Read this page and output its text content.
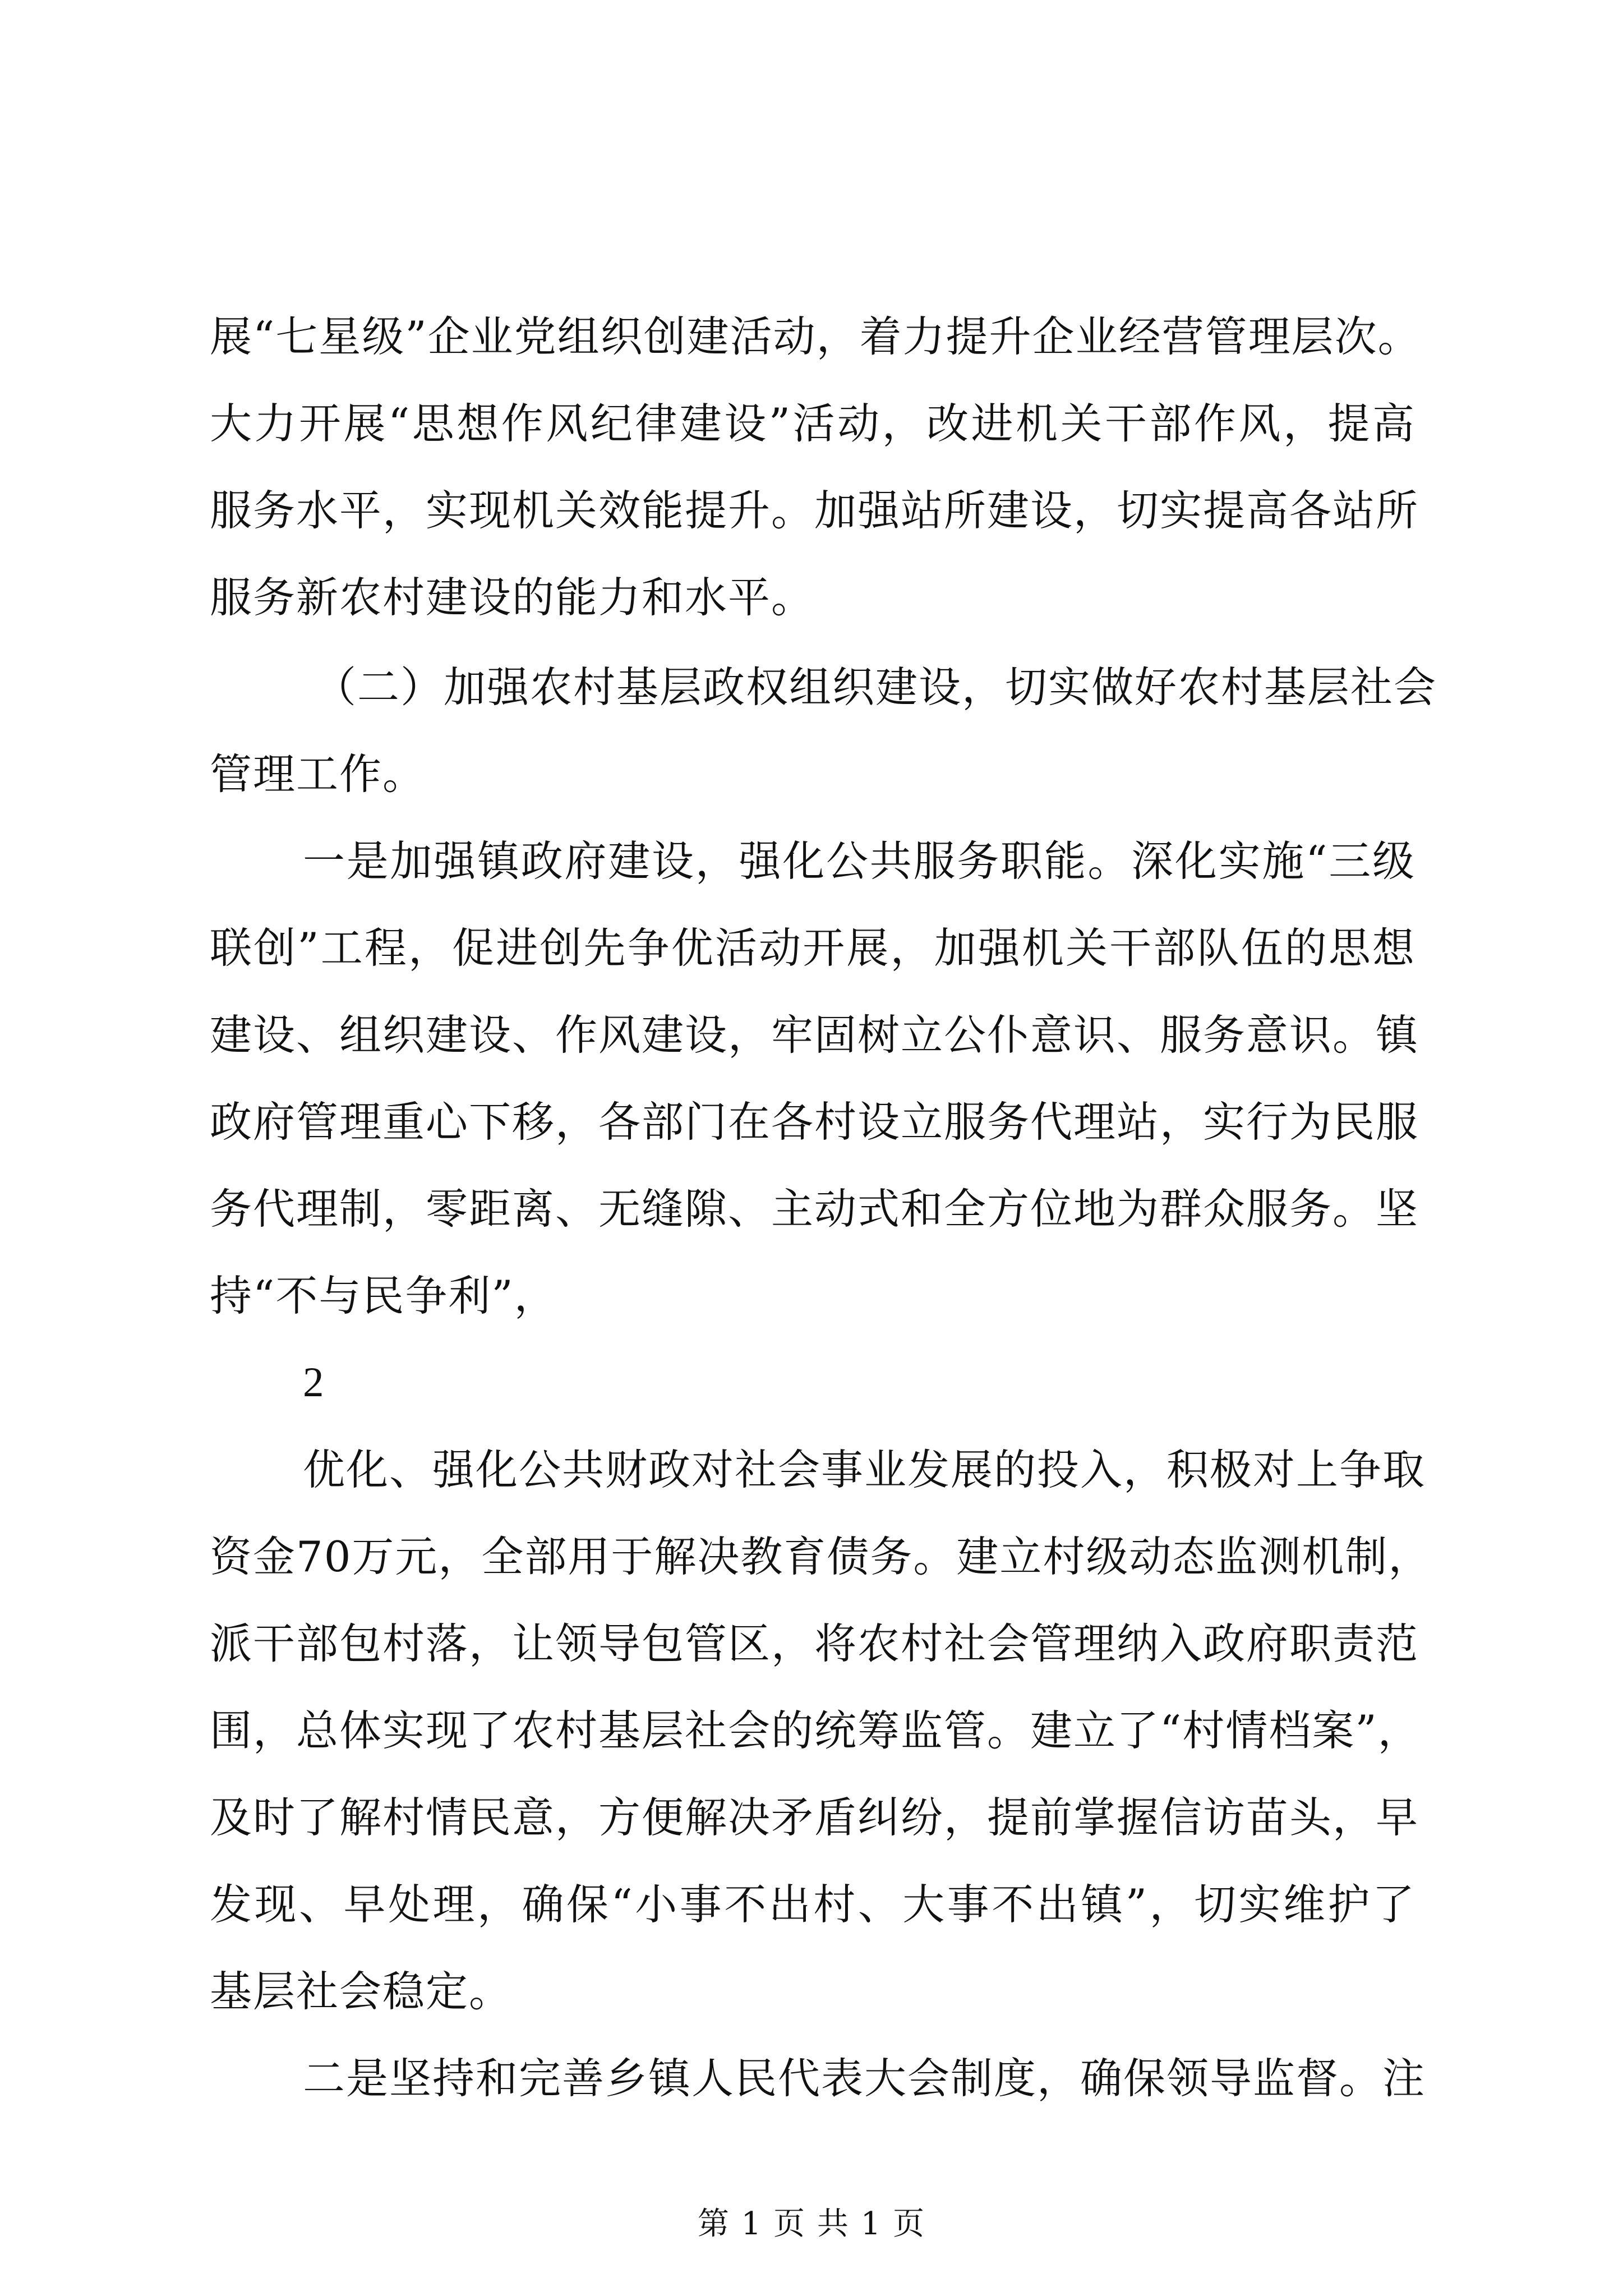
展“七星级”企业党组织创建活动，着力提升企业经营管理层次。
大力开展“思想作风纪律建设”活动，改进机关干部作风，提高
服务水平，实现机关效能提升。加强站所建设，切实提高各站所
服务新农村建设的能力和水平。
（二）加强农村基层政权组织建设，切实做好农村基层社会
管理工作。
一是加强镇政府建设，强化公共服务职能。深化实施“三级
联创”工程，促进创先争优活动开展，加强机关干部队伍的思想
建设、组织建设、作风建设，牢固树立公仆意识、服务意识。镇
政府管理重心下移，各部门在各村设立服务代理站，实行为民服
务代理制，零距离、无缝隙、主动式和全方位地为群众服务。坚
持“不与民争利”，
2
优化、强化公共财政对社会事业发展的投入，积极对上争取
资金70万元，全部用于解决教育债务。建立村级动态监测机制，
派干部包村落，让领导包管区，将农村社会管理纳入政府职责范
围，总体实现了农村基层社会的统筹监管。建立了“村情档案”，
及时了解村情民意，方便解决矛盾纠纷，提前掌握信访苗头，早
发现、早处理，确保“小事不出村、大事不出镇”，切实维护了
基层社会稳定。
二是坚持和完善乡镇人民代表大会制度，确保领导监督。注
第 1 页 共 1 页
